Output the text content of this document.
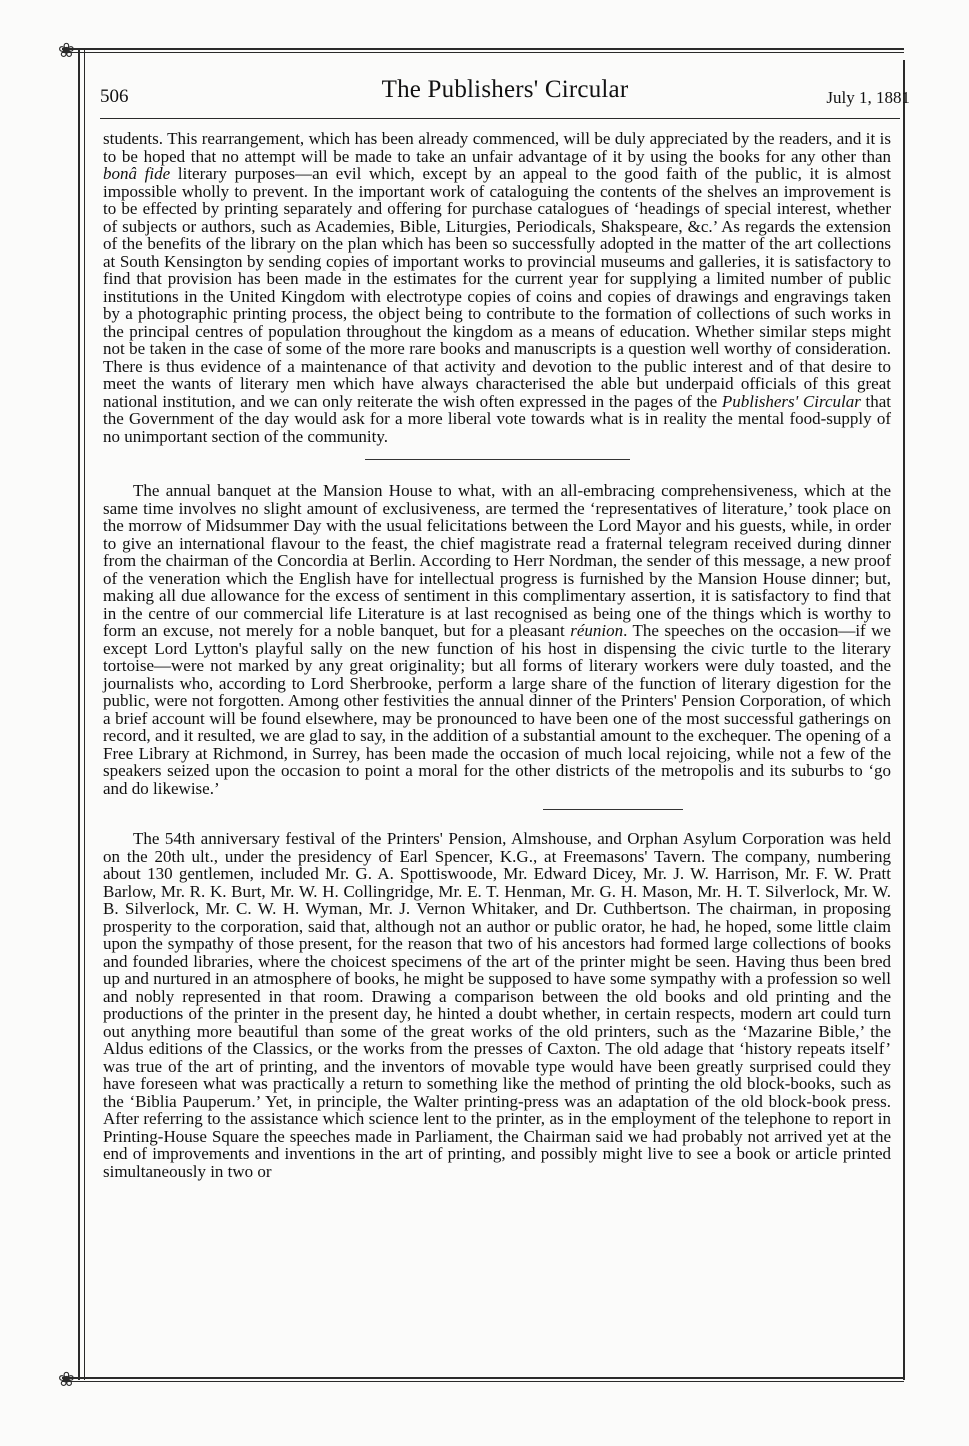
❀
❀
506	The Publishers' Circular	July 1, 1881

students. This rearrangement, which has been already commenced, will be duly appreciated by the readers, and it is to be hoped that no attempt will be made to take an unfair advantage of it by using the books for any other than bonâ fide literary purposes—an evil which, except by an appeal to the good faith of the public, it is almost impossible wholly to prevent. In the important work of cataloguing the contents of the shelves an improvement is to be effected by printing separately and offering for purchase catalogues of ‘headings of special interest, whether of subjects or authors, such as Academies, Bible, Liturgies, Periodicals, Shakspeare, &c.’ As regards the extension of the benefits of the library on the plan which has been so successfully adopted in the matter of the art collections at South Kensington by sending copies of important works to provincial museums and galleries, it is satisfactory to find that provision has been made in the estimates for the current year for supplying a limited number of public institutions in the United Kingdom with electrotype copies of coins and copies of drawings and engravings taken by a photographic printing process, the object being to contribute to the formation of collections of such works in the principal centres of population throughout the kingdom as a means of education. Whether similar steps might not be taken in the case of some of the more rare books and manuscripts is a question well worthy of consideration. There is thus evidence of a maintenance of that activity and devotion to the public interest and of that desire to meet the wants of literary men which have always characterised the able but underpaid officials of this great national institution, and we can only reiterate the wish often expressed in the pages of the Publishers' Circular that the Government of the day would ask for a more liberal vote towards what is in reality the mental food-supply of no unimportant section of the community.

The annual banquet at the Mansion House to what, with an all-embracing comprehensiveness, which at the same time involves no slight amount of exclusiveness, are termed the ‘representatives of literature,’ took place on the morrow of Midsummer Day with the usual felicitations between the Lord Mayor and his guests, while, in order to give an international flavour to the feast, the chief magistrate read a fraternal telegram received during dinner from the chairman of the Concordia at Berlin. According to Herr Nordman, the sender of this message, a new proof of the veneration which the English have for intellectual progress is furnished by the Mansion House dinner; but, making all due allowance for the excess of sentiment in this complimentary assertion, it is satisfactory to find that in the centre of our commercial life Literature is at last recognised as being one of the things which is worthy to form an excuse, not merely for a noble banquet, but for a pleasant réunion. The speeches on the occasion—if we except Lord Lytton's playful sally on the new function of his host in dispensing the civic turtle to the literary tortoise—were not marked by any great originality; but all forms of literary workers were duly toasted, and the journalists who, according to Lord Sherbrooke, perform a large share of the function of literary digestion for the public, were not forgotten. Among other festivities the annual dinner of the Printers' Pension Corporation, of which a brief account will be found elsewhere, may be pronounced to have been one of the most successful gatherings on record, and it resulted, we are glad to say, in the addition of a substantial amount to the exchequer. The opening of a Free Library at Richmond, in Surrey, has been made the occasion of much local rejoicing, while not a few of the speakers seized upon the occasion to point a moral for the other districts of the metropolis and its suburbs to ‘go and do likewise.’

The 54th anniversary festival of the Printers' Pension, Almshouse, and Orphan Asylum Corporation was held on the 20th ult., under the presidency of Earl Spencer, K.G., at Freemasons' Tavern. The company, numbering about 130 gentlemen, included Mr. G. A. Spottiswoode, Mr. Edward Dicey, Mr. J. W. Harrison, Mr. F. W. Pratt Barlow, Mr. R. K. Burt, Mr. W. H. Collingridge, Mr. E. T. Henman, Mr. G. H. Mason, Mr. H. T. Silverlock, Mr. W. B. Silverlock, Mr. C. W. H. Wyman, Mr. J. Vernon Whitaker, and Dr. Cuthbertson. The chairman, in proposing prosperity to the corporation, said that, although not an author or public orator, he had, he hoped, some little claim upon the sympathy of those present, for the reason that two of his ancestors had formed large collections of books and founded libraries, where the choicest specimens of the art of the printer might be seen. Having thus been bred up and nurtured in an atmosphere of books, he might be supposed to have some sympathy with a profession so well and nobly represented in that room. Drawing a comparison between the old books and old printing and the productions of the printer in the present day, he hinted a doubt whether, in certain respects, modern art could turn out anything more beautiful than some of the great works of the old printers, such as the ‘Mazarine Bible,’ the Aldus editions of the Classics, or the works from the presses of Caxton. The old adage that ‘history repeats itself’ was true of the art of printing, and the inventors of movable type would have been greatly surprised could they have foreseen what was practically a return to something like the method of printing the old block-books, such as the ‘Biblia Pauperum.’ Yet, in principle, the Walter printing-press was an adaptation of the old block-book press. After referring to the assistance which science lent to the printer, as in the employment of the telephone to report in Printing-House Square the speeches made in Parliament, the Chairman said we had probably not arrived yet at the end of improvements and inventions in the art of printing, and possibly might live to see a book or article printed simultaneously in two or
